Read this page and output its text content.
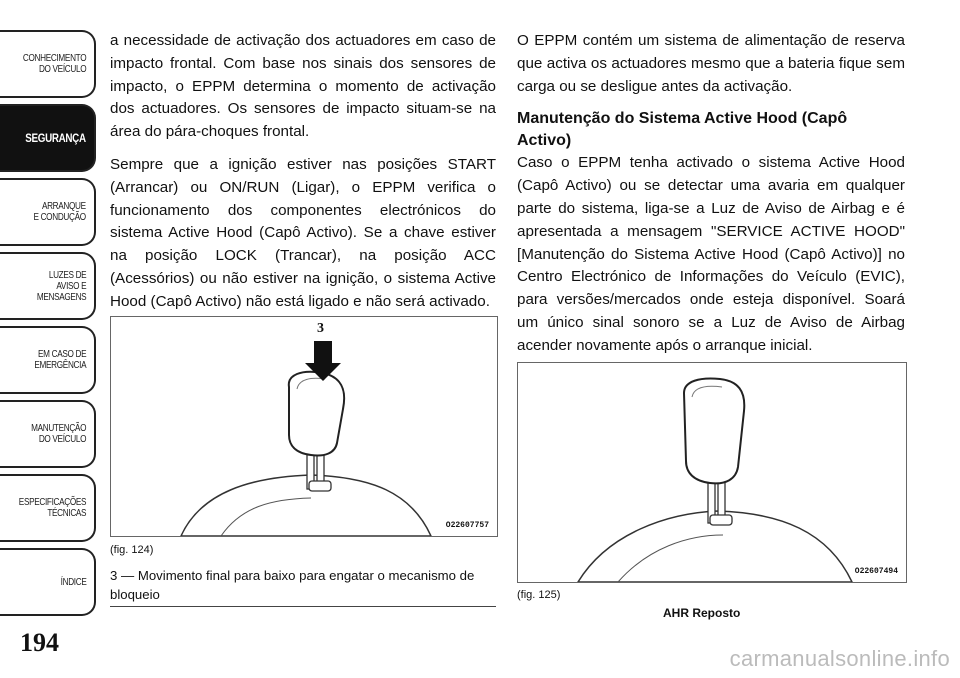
CONHECIMENTO
DO VEÍCULO
SEGURANÇA
ARRANQUE
E CONDUÇÃO
LUZES DE
AVISO E
MENSAGENS
EM CASO DE
EMERGÊNCIA
MANUTENÇÃO
DO VEÍCULO
ESPECIFICAÇÕES
TÉCNICAS
ÍNDICE
194

a necessidade de activação dos actuadores em caso de impacto frontal. Com base nos sinais dos sensores de impacto, o EPPM determina o momento de activação dos actuadores. Os sensores de impacto situam-se na área do pára-choques frontal.

Sempre que a ignição estiver nas posições START (Arrancar) ou ON/RUN (Ligar), o EPPM verifica o funcionamento dos componentes electrónicos do sistema Active Hood (Capô Activo). Se a chave estiver na posição LOCK (Trancar), na posição ACC (Acessórios) ou não estiver na ignição, o sistema Active Hood (Capô Activo) não está ligado e não será activado.

3
O22607757
(fig. 124)
3 — Movimento final para baixo para engatar o mecanismo de bloqueio

O EPPM contém um sistema de alimentação de reserva que activa os actuadores mesmo que a bateria fique sem carga ou se desligue antes da activação.

Manutenção do Sistema Active Hood (Capô Activo)

Caso o EPPM tenha activado o sistema Active Hood (Capô Activo) ou se detectar uma avaria em qualquer parte do sistema, liga-se a Luz de Aviso de Airbag e é apresentada a mensagem "SERVICE ACTIVE HOOD" [Manutenção do Sistema Active Hood (Capô Activo)] no Centro Electrónico de Informações do Veículo (EVIC), para versões/mercados onde esteja disponível. Soará um único sinal sonoro se a Luz de Aviso de Airbag acender novamente após o arranque inicial.

O22607494
(fig. 125)
AHR Reposto
carmanualsonline.info
